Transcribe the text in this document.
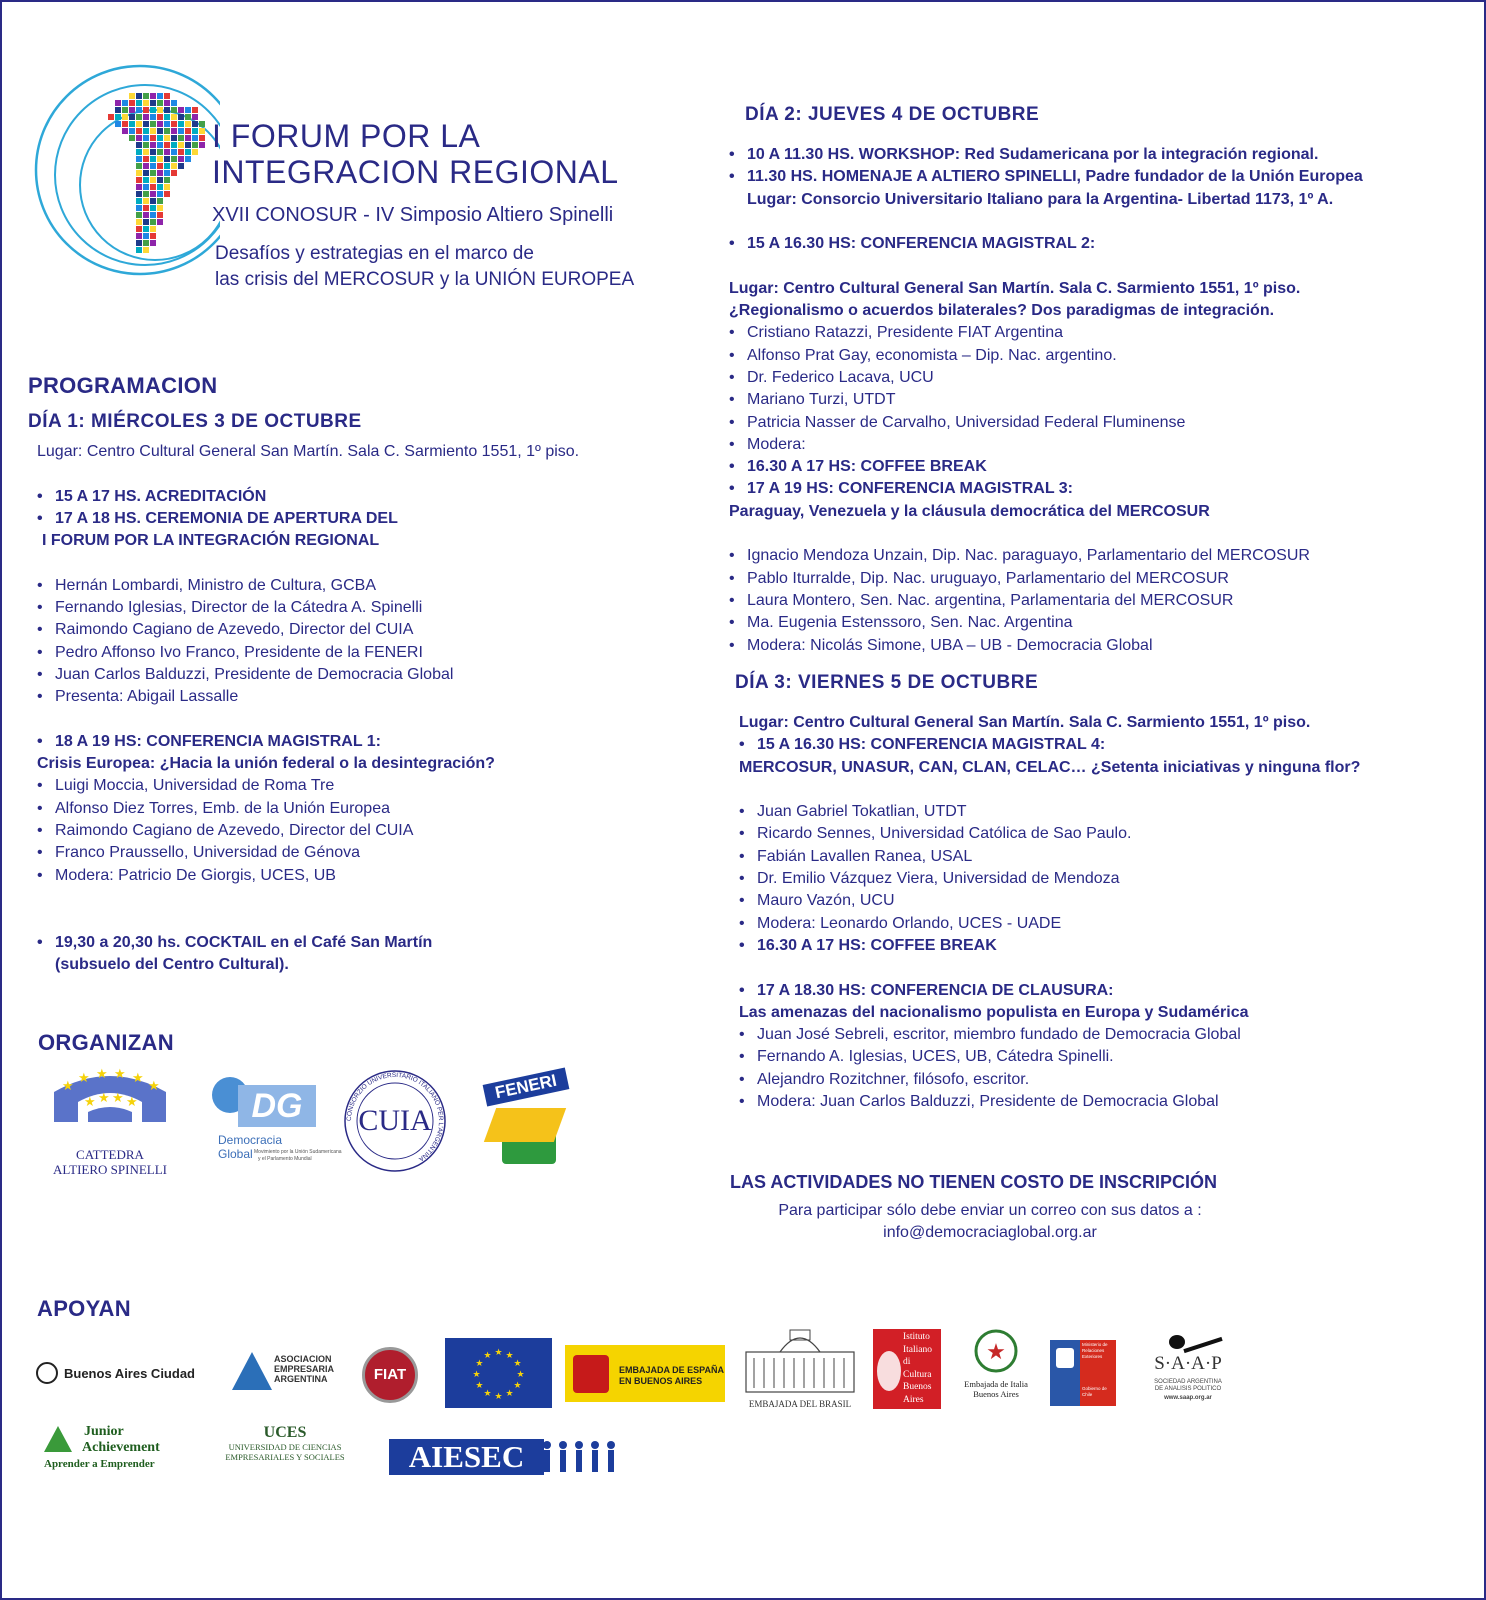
I FORUM POR LA
INTEGRACION REGIONAL
XVII CONOSUR - IV Simposio Altiero Spinelli
Desafíos y estrategias en el marco de
las crisis del MERCOSUR y la UNIÓN EUROPEA
PROGRAMACION
DÍA 1: MIÉRCOLES 3 DE OCTUBRE
Lugar: Centro Cultural General San Martín. Sala C. Sarmiento 1551, 1º piso.
• 15 A 17 HS. ACREDITACIÓN
• 17 A 18 HS. CEREMONIA DE APERTURA DEL
I FORUM POR LA INTEGRACIÓN REGIONAL
• Hernán Lombardi, Ministro de Cultura, GCBA
• Fernando Iglesias, Director de la Cátedra A. Spinelli
• Raimondo Cagiano de Azevedo, Director del CUIA
• Pedro Affonso Ivo Franco, Presidente de la FENERI
• Juan Carlos Balduzzi, Presidente de Democracia Global
• Presenta: Abigail Lassalle
• 18 A 19 HS: CONFERENCIA MAGISTRAL 1:
Crisis Europea: ¿Hacia la unión federal o la desintegración?
• Luigi Moccia, Universidad de Roma Tre
• Alfonso Diez Torres, Emb. de la Unión Europea
• Raimondo Cagiano de Azevedo, Director del CUIA
• Franco Praussello, Universidad de Génova
• Modera: Patricio De Giorgis, UCES, UB
• 19,30 a 20,30 hs. COCKTAIL en el Café San Martín
(subsuelo del Centro Cultural).
ORGANIZAN
★
★ ★ ★ ★
★
★ ★ ★ ★
CATTEDRA
ALTIERO SPINELLI
DG
Democracia Global Movimiento por la Unión Sudamericana
y el Parlamento Mundial
CONSORZIO UNIVERSITARIO ITALIANO PER L'ARGENTINA
CUIA
FENERI
APOYAN
Buenos Aires Ciudad
ASOCIACION
EMPRESARIA
ARGENTINA	FIAT	★
★
★
★
★
★
★
★
★ ★ ★
★
EMBAJADA DE ESPAÑA
EN BUENOS AIRES
EMBAJADA DEL BRASIL
Istituto
Italiano
di
Cultura
Buenos
Aires
★
Embajada de Italia
Buenos Aires
Ministerio de
Relaciones
Exteriores
Gobierno de Chile
S·A·A·P
SOCIEDAD ARGENTINA
DE ANALISIS POLITICO
www.saap.org.ar
Junior
Achievement
Aprender a Emprender
UCES
UNIVERSIDAD DE CIENCIAS
EMPRESARIALES Y SOCIALES	AIESEC
DÍA 2: JUEVES 4 DE OCTUBRE
• 10 A 11.30 HS. WORKSHOP: Red Sudamericana por la integración regional.
• 11.30 HS. HOMENAJE A ALTIERO SPINELLI, Padre fundador de la Unión Europea
Lugar: Consorcio Universitario Italiano para la Argentina- Libertad 1173, 1º A.
• 15 A 16.30 HS: CONFERENCIA MAGISTRAL 2:
Lugar: Centro Cultural General San Martín. Sala C. Sarmiento 1551, 1º piso.
¿Regionalismo o acuerdos bilaterales? Dos paradigmas de integración.
• Cristiano Ratazzi, Presidente FIAT Argentina
• Alfonso Prat Gay, economista – Dip. Nac. argentino.
• Dr. Federico Lacava, UCU
• Mariano Turzi, UTDT
• Patricia Nasser de Carvalho, Universidad Federal Fluminense
• Modera:
• 16.30 A 17 HS: COFFEE BREAK
• 17 A 19 HS: CONFERENCIA MAGISTRAL 3:
Paraguay, Venezuela y la cláusula democrática del MERCOSUR
• Ignacio Mendoza Unzain, Dip. Nac. paraguayo, Parlamentario del MERCOSUR
• Pablo Iturralde, Dip. Nac. uruguayo, Parlamentario del MERCOSUR
• Laura Montero, Sen. Nac. argentina, Parlamentaria del MERCOSUR
• Ma. Eugenia Estenssoro, Sen. Nac. Argentina
• Modera: Nicolás Simone, UBA – UB - Democracia Global
DÍA 3: VIERNES 5 DE OCTUBRE
Lugar: Centro Cultural General San Martín. Sala C. Sarmiento 1551, 1º piso.
• 15 A 16.30 HS: CONFERENCIA MAGISTRAL 4:
MERCOSUR, UNASUR, CAN, CLAN, CELAC… ¿Setenta iniciativas y ninguna flor?
• Juan Gabriel Tokatlian, UTDT
• Ricardo Sennes, Universidad Católica de Sao Paulo.
• Fabián Lavallen Ranea, USAL
• Dr. Emilio Vázquez Viera, Universidad de Mendoza
• Mauro Vazón, UCU
• Modera: Leonardo Orlando, UCES - UADE
• 16.30 A 17 HS: COFFEE BREAK
• 17 A 18.30 HS: CONFERENCIA DE CLAUSURA:
Las amenazas del nacionalismo populista en Europa y Sudamérica
• Juan José Sebreli, escritor, miembro fundado de Democracia Global
• Fernando A. Iglesias, UCES, UB, Cátedra Spinelli.
• Alejandro Rozitchner, filósofo, escritor.
• Modera: Juan Carlos Balduzzi, Presidente de Democracia Global
LAS ACTIVIDADES NO TIENEN COSTO DE INSCRIPCIÓN
Para participar sólo debe enviar un correo con sus datos a :
info@democraciaglobal.org.ar
